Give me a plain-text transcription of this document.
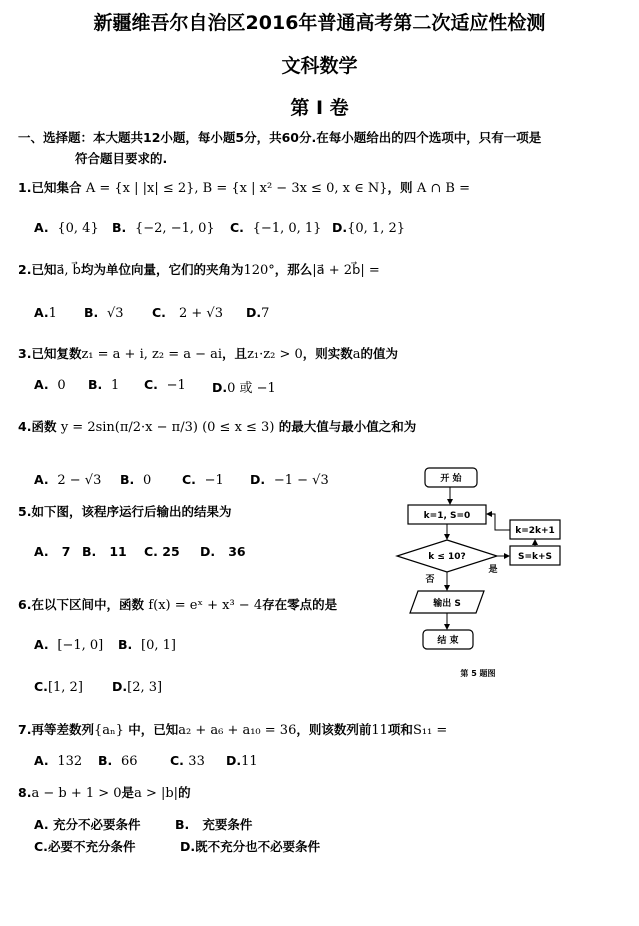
新疆维吾尔自治区2016年普通高考第二次适应性检测
文科数学
第 I 卷
一、选择题：本大题共12小题，每小题5分，共60分.在每小题给出的四个选项中，只有一项是
符合题目要求的.
1.已知集合 A = {x | |x| ≤ 2}, B = {x | x² − 3x ≤ 0, x ∈ N}，则 A ∩ B =
A. {0, 4} B. {−2, −1, 0} C. {−1, 0, 1} D.{0, 1, 2}
2.已知a⃗, b⃗均为单位向量，它们的夹角为120°，那么|a⃗ + 2b⃗| =
A.1 B. √3 C. 2 + √3 D.7
3.已知复数z₁ = a + i, z₂ = a − ai，且z₁·z₂ > 0，则实数a的值为
A. 0 B. 1 C. −1 D.0 或 −1
4.函数 y = 2sin(π/2·x − π/3) (0 ≤ x ≤ 3) 的最大值与最小值之和为
A. 2 − √3 B. 0 C. −1 D. −1 − √3
5.如下图，该程序运行后输出的结果为
A. 7 B. 11 C. 25 D. 36
6.在以下区间中，函数 f(x) = eˣ + x³ − 4存在零点的是
A. [−1, 0] B. [0, 1]
C.[1, 2] D.[2, 3]
7.再等差数列{aₙ} 中，已知a₂ + a₆ + a₁₀ = 36，则该数列前11项和S₁₁ =
A. 132 B. 66	C. 33 D.11
8.a − b + 1 > 0是a > |b|的
A. 充分不必要条件	B. 充要条件
C.必要不充分条件	D.既不充分也不必要条件
开 始
k=1, S=0
k=2k+1
k ≤ 10?	S=k+S
否
是
输出 S
结 束
第 5 题图
